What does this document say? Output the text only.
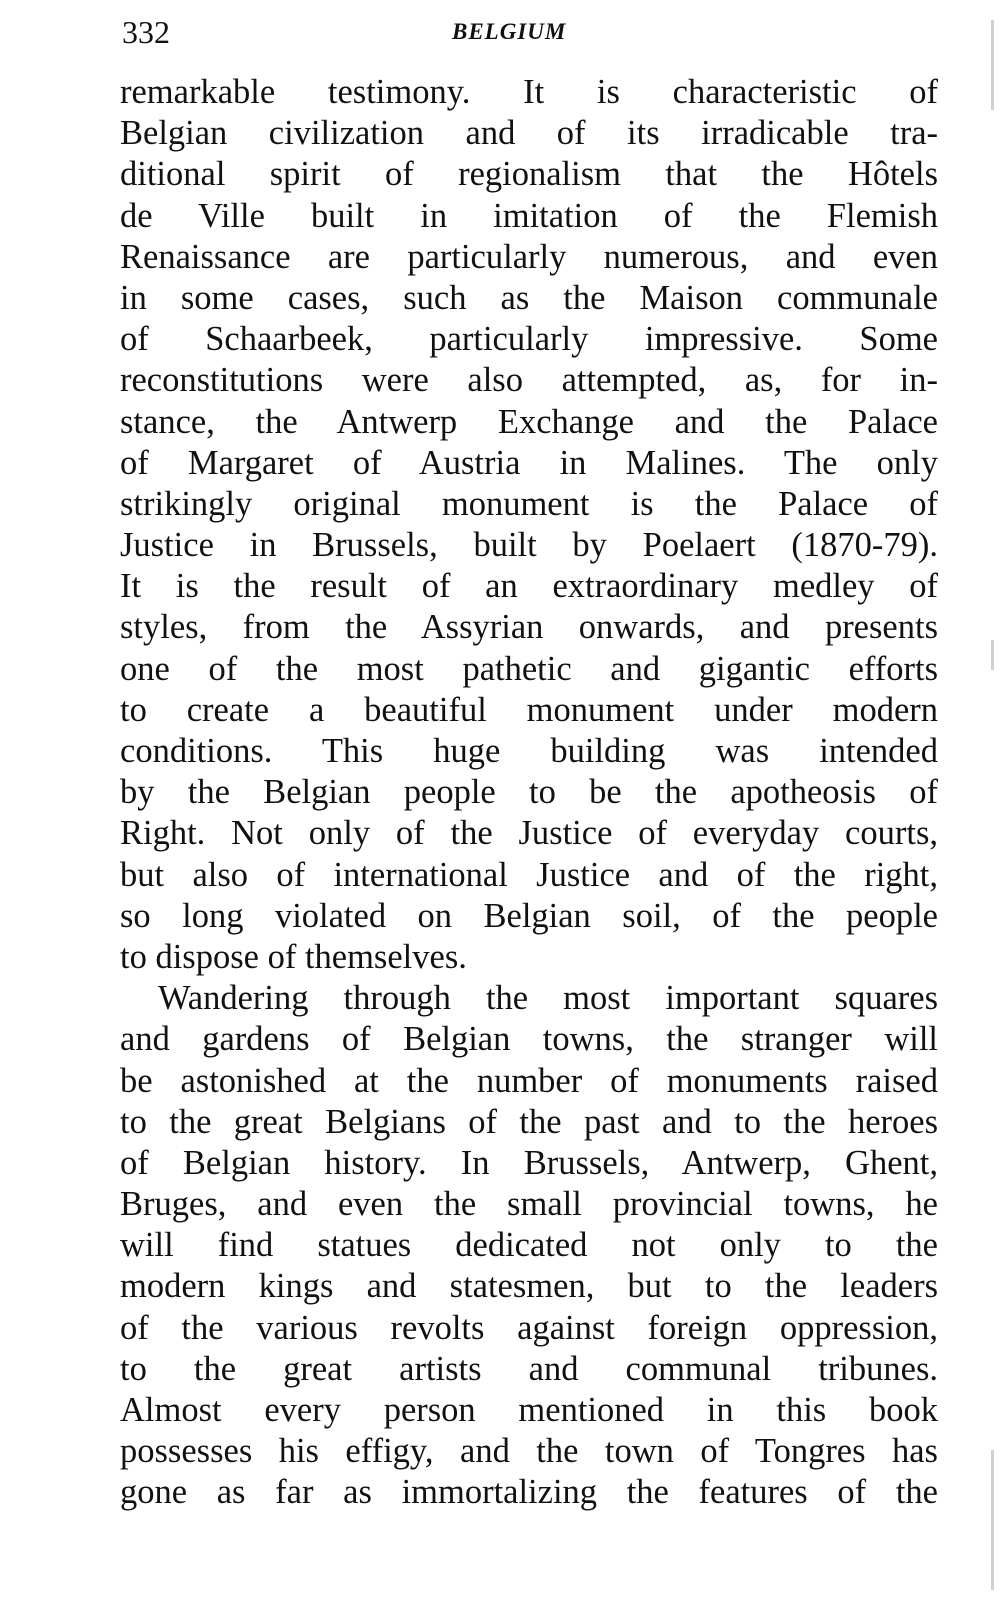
332	BELGIUM
remarkable testimony. It is characteristic of
Belgian civilization and of its irradicable tra-
ditional spirit of regionalism that the Hôtels
de Ville built in imitation of the Flemish
Renaissance are particularly numerous, and even
in some cases, such as the Maison communale
of Schaarbeek, particularly impressive. Some
reconstitutions were also attempted, as, for in-
stance, the Antwerp Exchange and the Palace
of Margaret of Austria in Malines. The only
strikingly original monument is the Palace of
Justice in Brussels, built by Poelaert (1870-79).
It is the result of an extraordinary medley of
styles, from the Assyrian onwards, and presents
one of the most pathetic and gigantic efforts
to create a beautiful monument under modern
conditions. This huge building was intended
by the Belgian people to be the apotheosis of
Right. Not only of the Justice of everyday courts,
but also of international Justice and of the right,
so long violated on Belgian soil, of the people
to dispose of themselves.
Wandering through the most important squares
and gardens of Belgian towns, the stranger will
be astonished at the number of monuments raised
to the great Belgians of the past and to the heroes
of Belgian history. In Brussels, Antwerp, Ghent,
Bruges, and even the small provincial towns, he
will find statues dedicated not only to the
modern kings and statesmen, but to the leaders
of the various revolts against foreign oppression,
to the great artists and communal tribunes.
Almost every person mentioned in this book
possesses his effigy, and the town of Tongres has
gone as far as immortalizing the features of the
